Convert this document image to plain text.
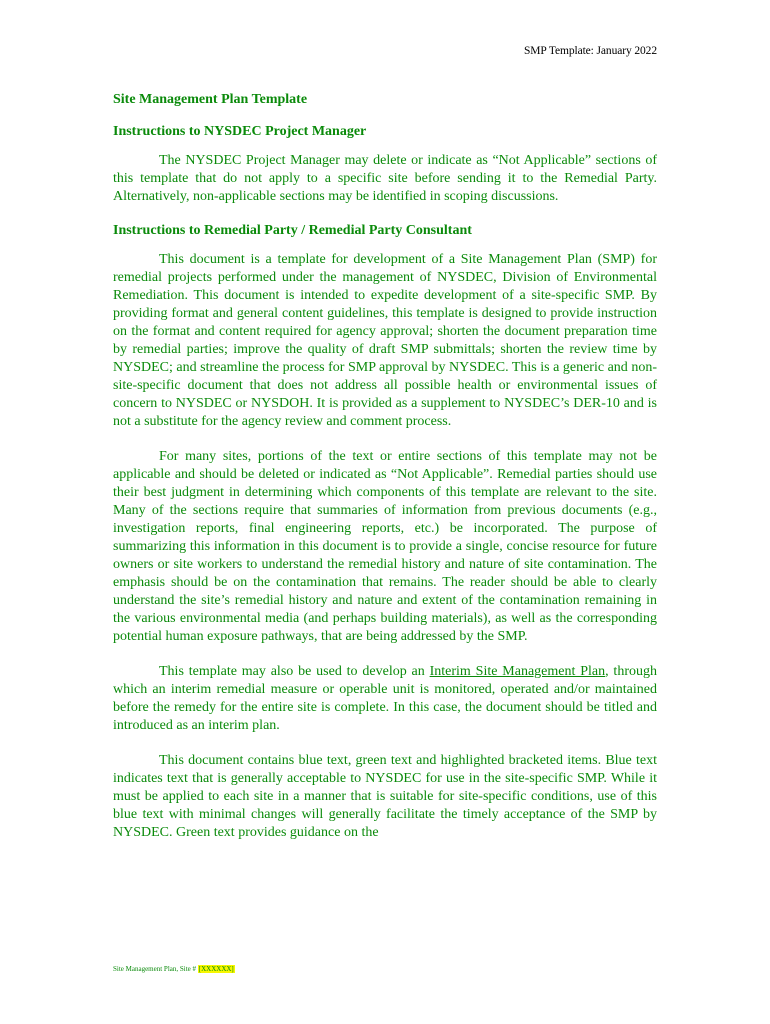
SMP Template: January 2022
Site Management Plan Template
Instructions to NYSDEC Project Manager

The NYSDEC Project Manager may delete or indicate as “Not Applicable” sections of this template that do not apply to a specific site before sending it to the Remedial Party. Alternatively, non-applicable sections may be identified in scoping discussions.

Instructions to Remedial Party / Remedial Party Consultant

This document is a template for development of a Site Management Plan (SMP) for remedial projects performed under the management of NYSDEC, Division of Environmental Remediation. This document is intended to expedite development of a site-specific SMP. By providing format and general content guidelines, this template is designed to provide instruction on the format and content required for agency approval; shorten the document preparation time by remedial parties; improve the quality of draft SMP submittals; shorten the review time by NYSDEC; and streamline the process for SMP approval by NYSDEC. This is a generic and non-site-specific document that does not address all possible health or environmental issues of concern to NYSDEC or NYSDOH. It is provided as a supplement to NYSDEC’s DER-10 and is not a substitute for the agency review and comment process.

For many sites, portions of the text or entire sections of this template may not be applicable and should be deleted or indicated as “Not Applicable”. Remedial parties should use their best judgment in determining which components of this template are relevant to the site. Many of the sections require that summaries of information from previous documents (e.g., investigation reports, final engineering reports, etc.) be incorporated. The purpose of summarizing this information in this document is to provide a single, concise resource for future owners or site workers to understand the remedial history and nature of site contamination. The emphasis should be on the contamination that remains. The reader should be able to clearly understand the site’s remedial history and nature and extent of the contamination remaining in the various environmental media (and perhaps building materials), as well as the corresponding potential human exposure pathways, that are being addressed by the SMP.

This template may also be used to develop an Interim Site Management Plan, through which an interim remedial measure or operable unit is monitored, operated and/or maintained before the remedy for the entire site is complete. In this case, the document should be titled and introduced as an interim plan.

This document contains blue text, green text and highlighted bracketed items. Blue text indicates text that is generally acceptable to NYSDEC for use in the site-specific SMP. While it must be applied to each site in a manner that is suitable for site-specific conditions, use of this blue text with minimal changes will generally facilitate the timely acceptance of the SMP by NYSDEC. Green text provides guidance on the

Site Management Plan, Site # [XXXXXX]
